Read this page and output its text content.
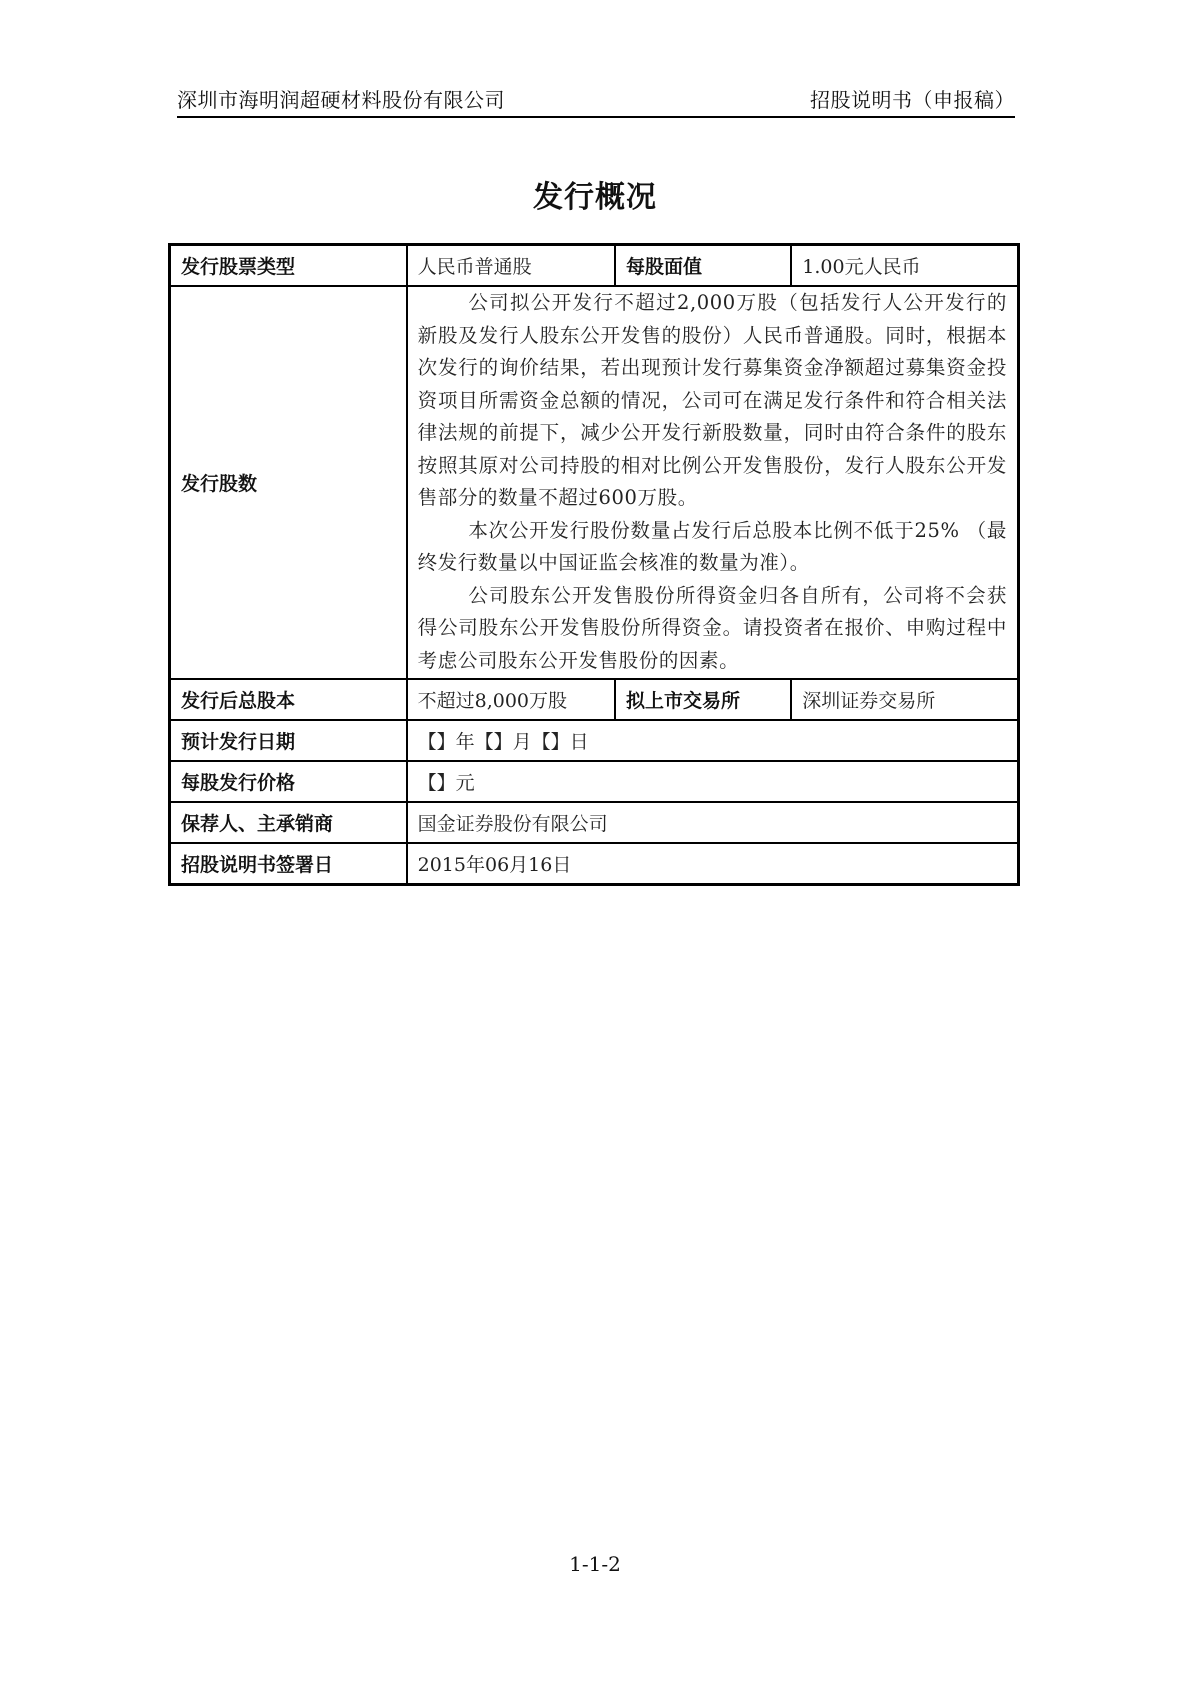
深圳市海明润超硬材料股份有限公司	招股说明书（申报稿）
发行概况
发行股票类型	人民币普通股	每股面值	1.00元人民币
发行股数	公司拟公开发行不超过2,000万股（包括发行人公开发行的新股及发行人股东公开发售的股份）人民币普通股。同时，根据本次发行的询价结果，若出现预计发行募集资金净额超过募集资金投资项目所需资金总额的情况，公司可在满足发行条件和符合相关法律法规的前提下，减少公开发行新股数量，同时由符合条件的股东按照其原对公司持股的相对比例公开发售股份，发行人股东公开发售部分的数量不超过600万股。

本次公开发行股份数量占发行后总股本比例不低于25% （最终发行数量以中国证监会核准的数量为准）。

公司股东公开发售股份所得资金归各自所有，公司将不会获得公司股东公开发售股份所得资金。请投资者在报价、申购过程中考虑公司股东公开发售股份的因素。		

发行后总股本	不超过8,000万股	拟上市交易所	深圳证券交易所
预计发行日期	【】年【】月【】日		
每股发行价格	【】元		
保荐人、主承销商	国金证券股份有限公司		
招股说明书签署日	2015年06月16日		
1-1-2
